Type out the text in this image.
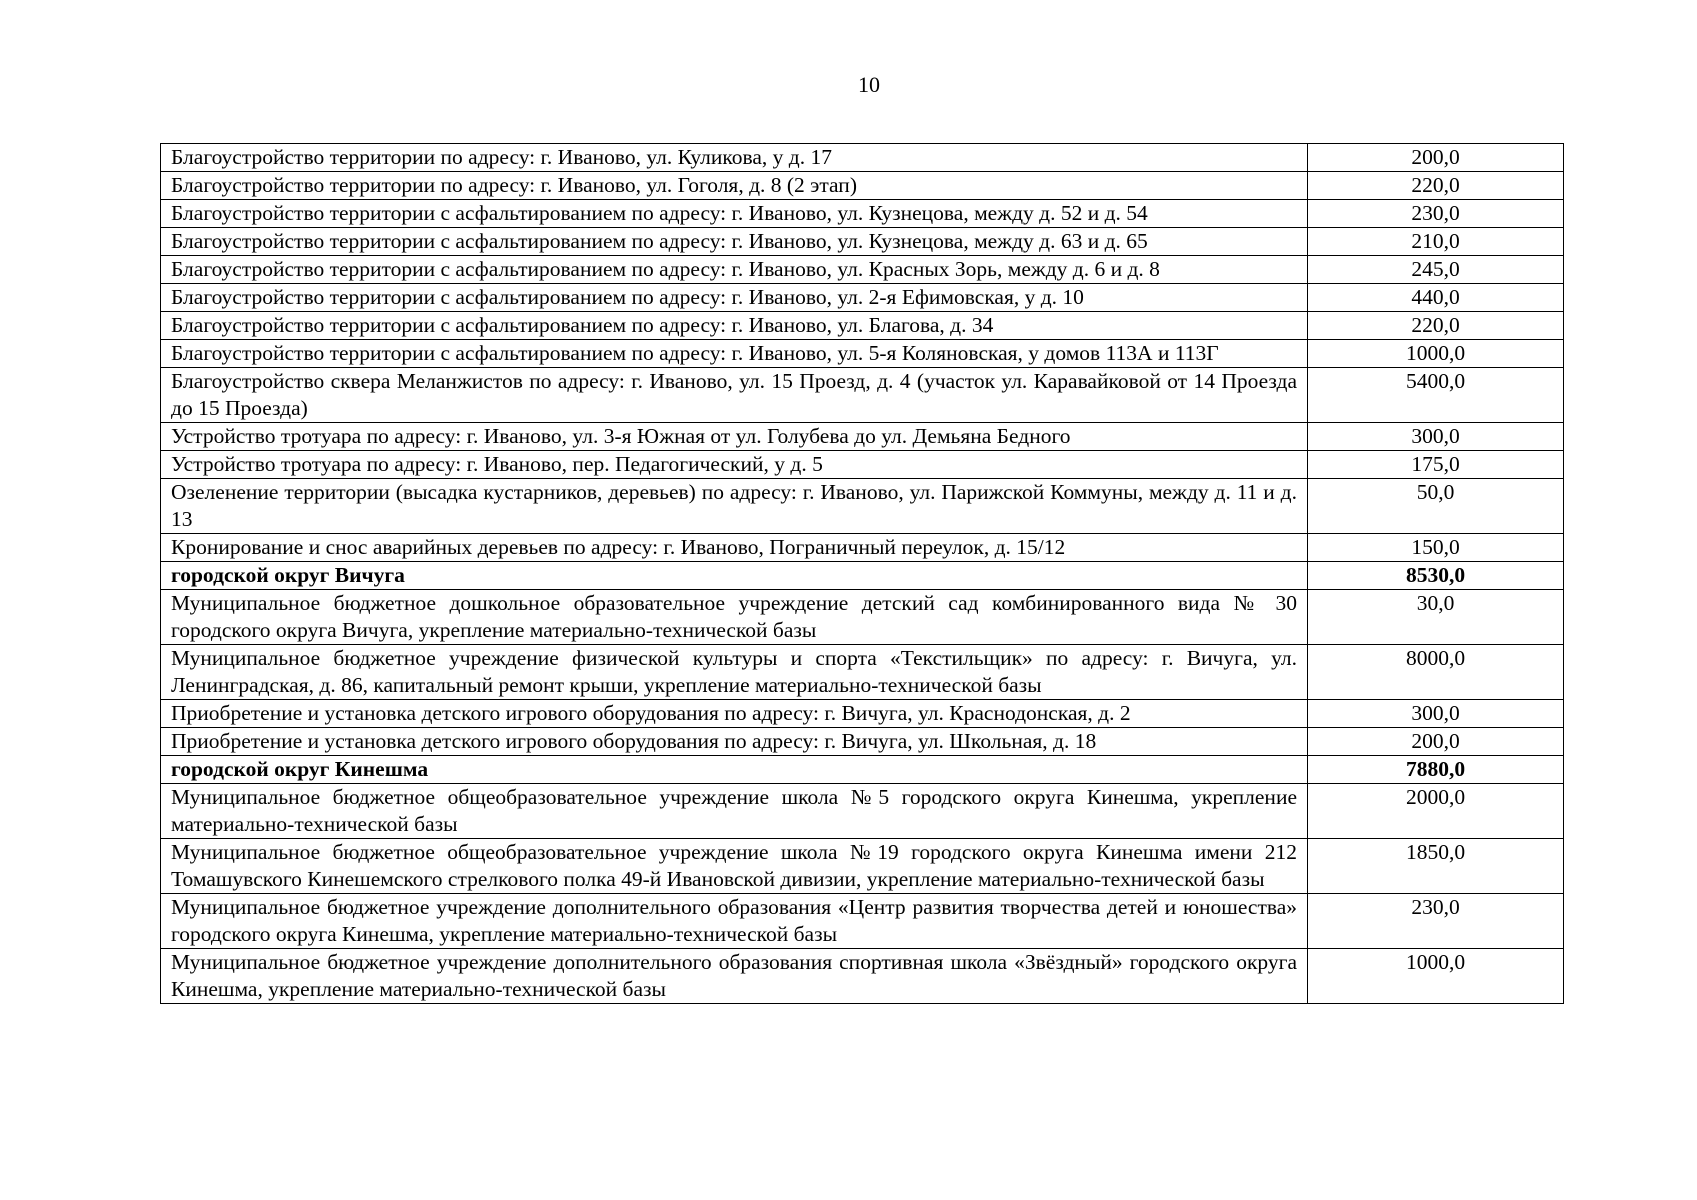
10
Благоустройство территории по адресу: г. Иваново, ул. Куликова, у д. 17	200,0
Благоустройство территории по адресу: г. Иваново, ул. Гоголя, д. 8 (2 этап)	220,0
Благоустройство территории с асфальтированием по адресу: г. Иваново, ул. Кузнецова, между д. 52 и д. 54	230,0
Благоустройство территории с асфальтированием по адресу: г. Иваново, ул. Кузнецова, между д. 63 и д. 65	210,0
Благоустройство территории с асфальтированием по адресу: г. Иваново, ул. Красных Зорь, между д. 6 и д. 8	245,0
Благоустройство территории с асфальтированием по адресу: г. Иваново, ул. 2-я Ефимовская, у д. 10	440,0
Благоустройство территории с асфальтированием по адресу: г. Иваново, ул. Благова, д. 34	220,0
Благоустройство территории с асфальтированием по адресу: г. Иваново, ул. 5-я Коляновская, у домов 113А и 113Г	1000,0
Благоустройство сквера Меланжистов по адресу: г. Иваново, ул. 15 Проезд, д. 4 (участок ул. Каравайковой от 14 Проезда до 15 Проезда)	5400,0
Устройство тротуара по адресу: г. Иваново, ул. 3-я Южная от ул. Голубева до ул. Демьяна Бедного	300,0
Устройство тротуара по адресу: г. Иваново, пер. Педагогический, у д. 5	175,0
Озеленение территории (высадка кустарников, деревьев) по адресу: г. Иваново, ул. Парижской Коммуны, между д. 11 и д. 13	50,0
Кронирование и снос аварийных деревьев по адресу: г. Иваново, Пограничный переулок, д. 15/12	150,0
городской округ Вичуга	8530,0
Муниципальное бюджетное дошкольное образовательное учреждение детский сад комбинированного вида № 30 городского округа Вичуга, укрепление материально-технической базы	30,0
Муниципальное бюджетное учреждение физической культуры и спорта «Текстильщик» по адресу: г. Вичуга, ул. Ленинградская, д. 86, капитальный ремонт крыши, укрепление материально-технической базы	8000,0
Приобретение и установка детского игрового оборудования по адресу: г. Вичуга, ул. Краснодонская, д. 2	300,0
Приобретение и установка детского игрового оборудования по адресу: г. Вичуга, ул. Школьная, д. 18	200,0
городской округ Кинешма	7880,0
Муниципальное бюджетное общеобразовательное учреждение школа №5 городского округа Кинешма, укрепление материально-технической базы	2000,0
Муниципальное бюджетное общеобразовательное учреждение школа №19 городского округа Кинешма имени 212 Томашувского Кинешемского стрелкового полка 49-й Ивановской дивизии, укрепление материально-технической базы	1850,0
Муниципальное бюджетное учреждение дополнительного образования «Центр развития творчества детей и юношества» городского округа Кинешма, укрепление материально-технической базы	230,0
Муниципальное бюджетное учреждение дополнительного образования спортивная школа «Звёздный» городского округа Кинешма, укрепление материально-технической базы	1000,0
